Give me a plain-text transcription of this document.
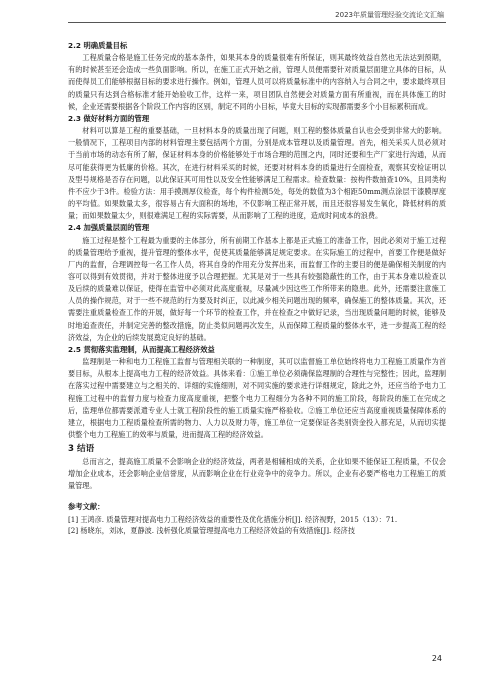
2023年质量管理经验交流论文汇编
2.2 明确质量目标

工程质量合格是施工任务完成的基本条件，如果其本身的质量很难有所保证，则其最终效益自然也无法达到预期，有的时候甚至还会造成一些负面影响。所以，在施工正式开始之前，管理人员便需要针对质量层面建立具体的目标，从而使得员工们能够根据目标的要求进行操作。例如，管理人员可以将质量标准中的内容纳入与合同之中，要求最终项目的质量只有达到合格标准才能开始验收工作，这样一来，项目团队自然便会对质量方面有所重视，而在具体施工的时候，企业还需要根据各个阶段工作内容的区别，制定不同的小目标，毕竟大目标的实现都需要多个小目标累积而成。

2.3 做好材料方面的管理

材料可以算是工程的重要基础，一旦材料本身的质量出现了问题，则工程的整体质量自认也会受到非常大的影响。一般情况下，工程项目内部的材料管理主要包括两个方面，分别是成本管理以及质量管理。首先，相关采买人员必须对于当前市场的动态有所了解，保证材料本身的价格能够处于市场合理的范围之内，同时还要和生产厂家进行沟通，从而尽可能获得更为低廉的价格。其次，在进行材料采买的时候，还要对材料本身的质量进行全面检查，观察其安检证明以及型号规格是否存在问题，以此保证其可用性以及安全性能够满足工程需求。检查数量：按构件数抽查10%，且同类构件不应少于3件。检验方法：用手摸测厚仪检查，每个构件检测5处，每处的数值为3个相距50mm测点涂层干漆膜厚度的平均值。如果数量太多，很容易占有大面积的场地，不仅影响工程正常开展，而且还很容易发生氧化，降低材料的质量；而如果数量太少，则很难满足工程的实际需要，从而影响了工程的进度，造成时间成本的浪费。

2.4 加强质量层面的管理

施工过程是整个工程最为重要的主体部分，所有前期工作基本上都是正式施工的准备工作，因此必须对于施工过程的质量管理给予重视，提升管理的整体水平，促使其质量能够满足规定要求。在实际施工的过程中，首要工作便是做好厂内的监督，合理调控每一名工作人员，将其自身的作用充分发挥出来，而监督工作的主要目的便是确保相关制度的内容可以得到有效贯彻，并对于整体进度予以合理把握。尤其是对于一些具有较强隐蔽性的工作，由于其本身难以检查以及后续的质量难以保证，使得在监管中必须对此高度重视，尽量减少因这些工作所带来的隐患。此外，还需要注意施工人员的操作规范，对于一些不规范的行为要及时纠正，以此减少相关问题出现的频率，确保施工的整体质量。其次，还需要注重质量检查工作的开展，做好每一个环节的检查工作，并在检查之中做好记录，当出现质量问题的时候，能够及时地追查责任，并制定完善的整改措施，防止类似问题再次发生，从而保障工程质量的整体水平，进一步提高工程的经济效益，为企业的后续发展奠定良好的基础。

2.5 贯彻落实监理制，从而提高工程经济效益

监理制是一种和电力工程施工监督与管理相关联的一种制度，其可以监督施工单位始终将电力工程施工质量作为首要目标，从根本上提高电力工程的经济效益。具体来看：①施工单位必须确保监理制的合理性与完整性；因此，监理制在落实过程中需要建立与之相关的、详细的实施细则，对不同实施的要求进行详细规定，除此之外，还应当给予电力工程施工过程中的监督力度与检查力度高度重视，把整个电力工程细分为各种不同的施工阶段，每阶段的施工在完成之后，监理单位都需要派遣专业人士就工程阶段性的施工质量实施严格验收。②施工单位还应当高度重视质量保障体系的建立，根据电力工程质量检查所需的物力、人力以及财力等，施工单位一定要保证各类别资金投入都充足，从而切实提供整个电力工程施工的效率与质量，进而提高工程的经济效益。

3 结语

总而言之，提高施工质量不会影响企业的经济效益，两者是相辅相成的关系，企业如果不能保证工程质量，不仅会增加企业成本，还会影响企业信誉度，从而影响企业在行业竞争中的竞争力。所以，企业有必要严格电力工程施工的质量管理。

参考文献：
[1] 王鸿彦. 质量管理对提高电力工程经济效益的重要性及优化措施分析[J]. 经济视野，2015（13）：71.
[2] 杨晓东，刘冰，夏静波. 浅析强化质量管理提高电力工程经济效益的有效措施[J]. 经济技
24
